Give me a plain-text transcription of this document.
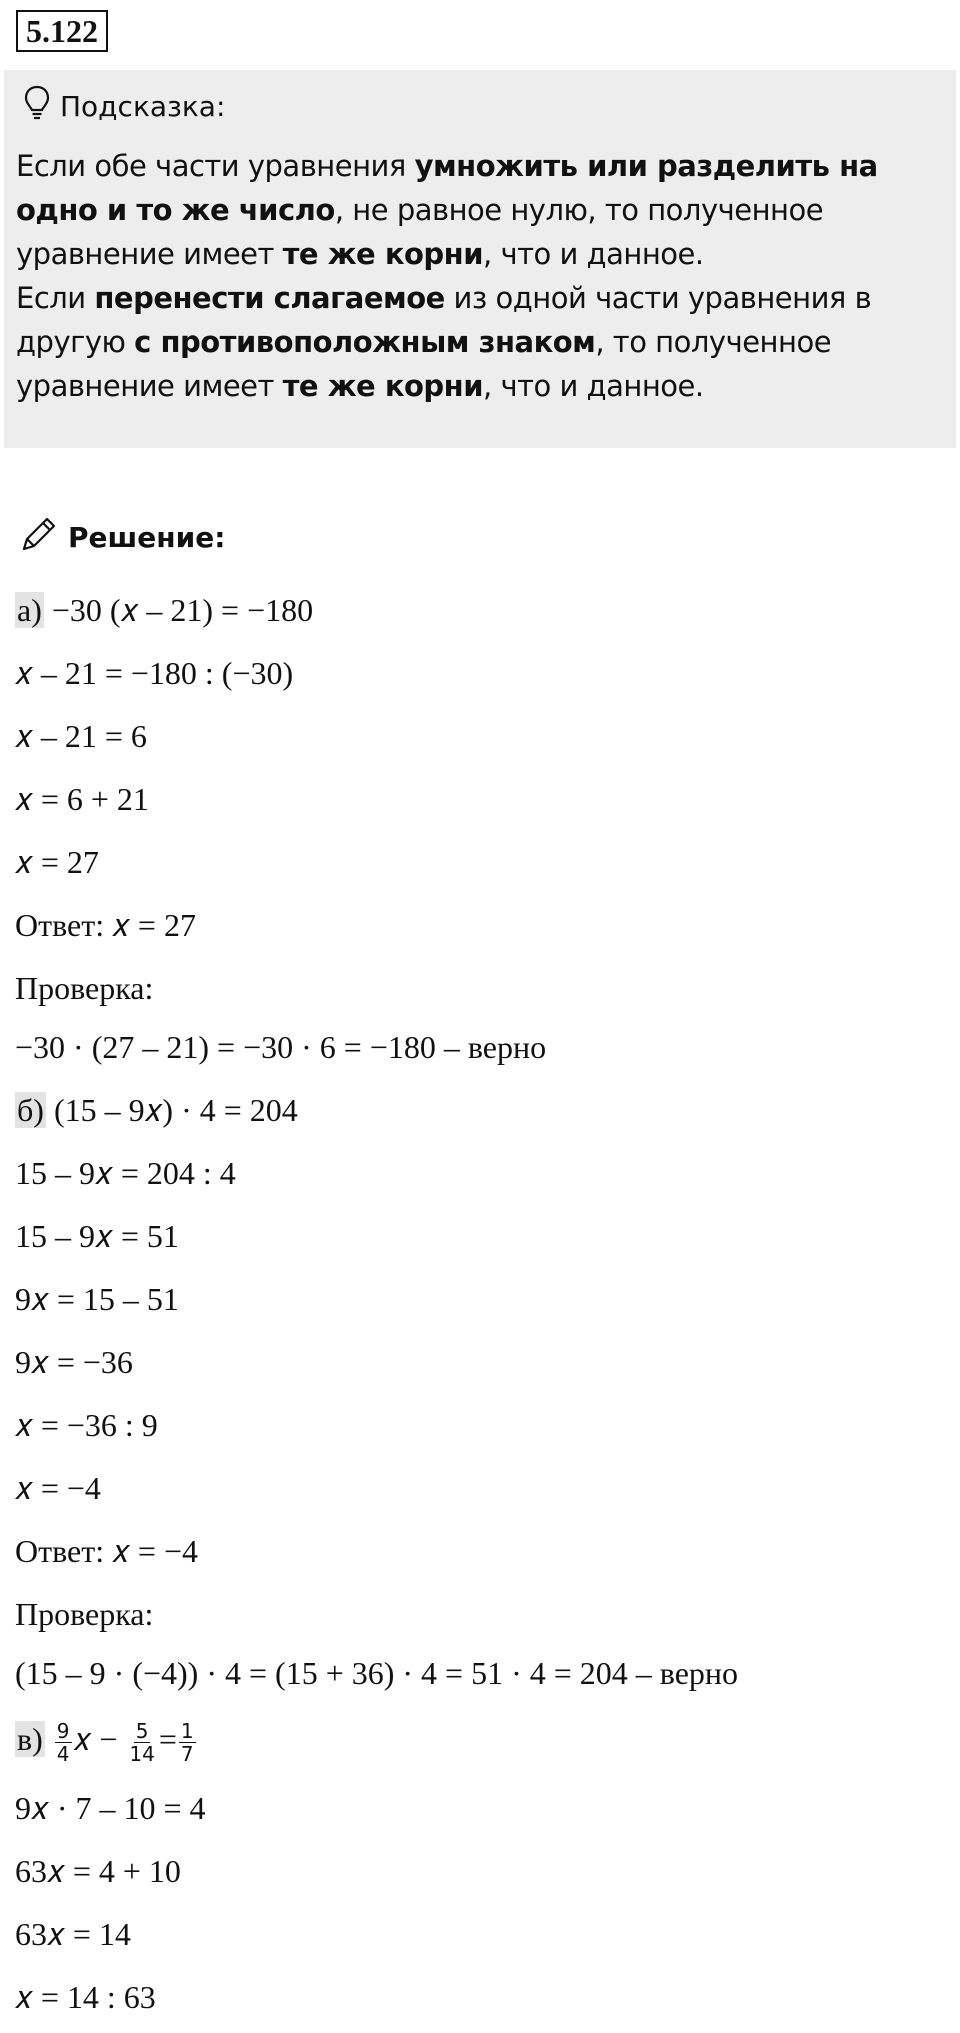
5.122
Подсказка:
Если обе части уравнения умножить или разделить на одно и то же число, не равное нулю, то полученное уравнение имеет те же корни, что и данное.
Если перенести слагаемое из одной части уравнения в другую с противоположным знаком, то полученное уравнение имеет те же корни, что и данное.
Решение:
а) −30 (𝑥 – 21) = −180
𝑥 – 21 = −180 : (−30)
𝑥 – 21 = 6
𝑥 = 6 + 21
𝑥 = 27
Ответ: 𝑥 = 27
Проверка:
−30 · (27 – 21) = −30 · 6 = −180 – верно
б) (15 – 9𝑥) · 4 = 204
15 – 9𝑥 = 204 : 4
15 – 9𝑥 = 51
9𝑥 = 15 – 51
9𝑥 = −36
𝑥 = −36 : 9
𝑥 = −4
Ответ: 𝑥 = −4
Проверка:
(15 – 9 · (−4)) · 4 = (15 + 36) · 4 = 51 · 4 = 204 – верно
$в) \frac{9}{4}$ 𝑥 − $\frac{5}{14} = \frac{1}{7}$
9𝑥 · 7 – 10 = 4
63𝑥 = 4 + 10
63𝑥 = 14
𝑥 = 14 : 63
